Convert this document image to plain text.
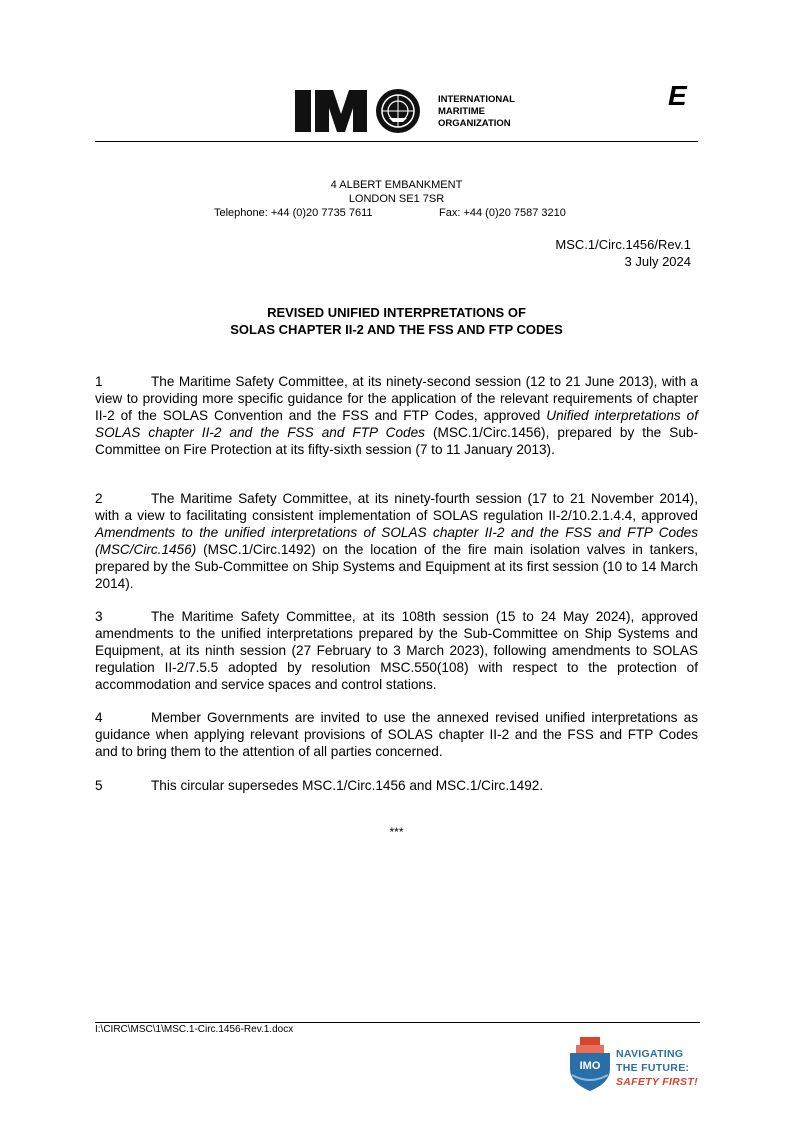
INTERNATIONAL
MARITIME
ORGANIZATION
E
4 ALBERT EMBANKMENT
LONDON SE1 7SR
Telephone: +44 (0)20 7735 7611	Fax: +44 (0)20 7587 3210
MSC.1/Circ.1456/Rev.1
3 July 2024
REVISED UNIFIED INTERPRETATIONS OF
SOLAS CHAPTER II-2 AND THE FSS AND FTP CODES

1	The Maritime Safety Committee, at its ninety-second session (12 to 21 June 2013), with a view to providing more specific guidance for the application of the relevant requirements of chapter II-2 of the SOLAS Convention and the FSS and FTP Codes, approved Unified interpretations of SOLAS chapter II-2 and the FSS and FTP Codes (MSC.1/Circ.1456), prepared by the Sub-Committee on Fire Protection at its fifty-sixth session (7 to 11 January 2013).

2	The Maritime Safety Committee, at its ninety-fourth session (17 to 21 November 2014), with a view to facilitating consistent implementation of SOLAS regulation II-2/10.2.1.4.4, approved Amendments to the unified interpretations of SOLAS chapter II-2 and the FSS and FTP Codes (MSC/Circ.1456) (MSC.1/Circ.1492) on the location of the fire main isolation valves in tankers, prepared by the Sub-Committee on Ship Systems and Equipment at its first session (10 to 14 March 2014).

3	The Maritime Safety Committee, at its 108th session (15 to 24 May 2024), approved amendments to the unified interpretations prepared by the Sub-Committee on Ship Systems and Equipment, at its ninth session (27 February to 3 March 2023), following amendments to SOLAS regulation II-2/7.5.5 adopted by resolution MSC.550(108) with respect to the protection of accommodation and service spaces and control stations.

4	Member Governments are invited to use the annexed revised unified interpretations as guidance when applying relevant provisions of SOLAS chapter II-2 and the FSS and FTP Codes and to bring them to the attention of all parties concerned.

5	This circular supersedes MSC.1/Circ.1456 and MSC.1/Circ.1492.

***
I:\CIRC\MSC\1\MSC.1-Circ.1456-Rev.1.docx
IMO
NAVIGATING
THE FUTURE:
SAFETY FIRST!
